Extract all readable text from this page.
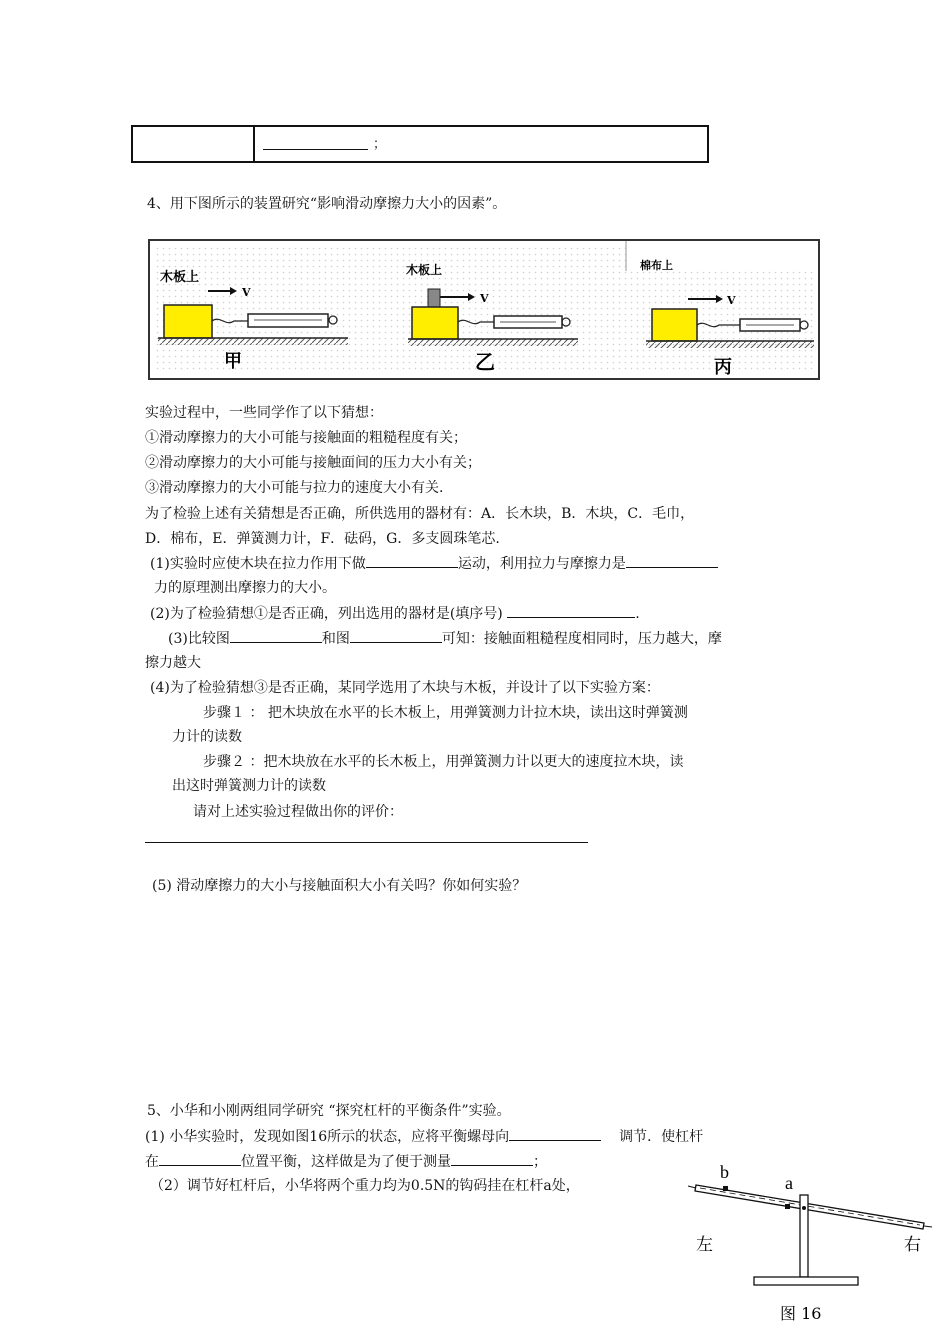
；
4、用下图所示的装置研究“影响滑动摩擦力大小的因素”。
木板上
V
甲
木板上
V
乙
棉布上
V
丙
实验过程中，一些同学作了以下猜想：
①滑动摩擦力的大小可能与接触面的粗糙程度有关；
②滑动摩擦力的大小可能与接触面间的压力大小有关；
③滑动摩擦力的大小可能与拉力的速度大小有关.
为了检验上述有关猜想是否正确，所供选用的器材有：A．长木块，B．木块，C．毛巾，
D．棉布，E．弹簧测力计，F．砝码，G．多支圆珠笔芯.
(1)实验时应使木块在拉力作用下做	运动，利用拉力与摩擦力是
力的原理测出摩擦力的大小。
(2)为了检验猜想①是否正确，列出选用的器材是(填序号)	.
(3)比较图	和图	可知：接触面粗糙程度相同时，压力越大，摩
擦力越大
(4)为了检验猜想③是否正确，某同学选用了木块与木板，并设计了以下实验方案：
步骤１ ： 把木块放在水平的长木板上，用弹簧测力计拉木块，读出这时弹簧测
力计的读数
步骤２ ：把木块放在水平的长木板上，用弹簧测力计以更大的速度拉木块，读
出这时弹簧测力计的读数
请对上述实验过程做出你的评价：
(5) 滑动摩擦力的大小与接触面积大小有关吗？你如何实验？
5、小华和小刚两组同学研究 “探究杠杆的平衡条件”实验。
(1) 小华实验时，发现如图16所示的状态，应将平衡螺母向	调节．使杠杆
在	位置平衡，这样做是为了便于测量	；
（2）调节好杠杆后，小华将两个重力均为0.5N的钩码挂在杠杆a处，
b
a
左	右
图 16
